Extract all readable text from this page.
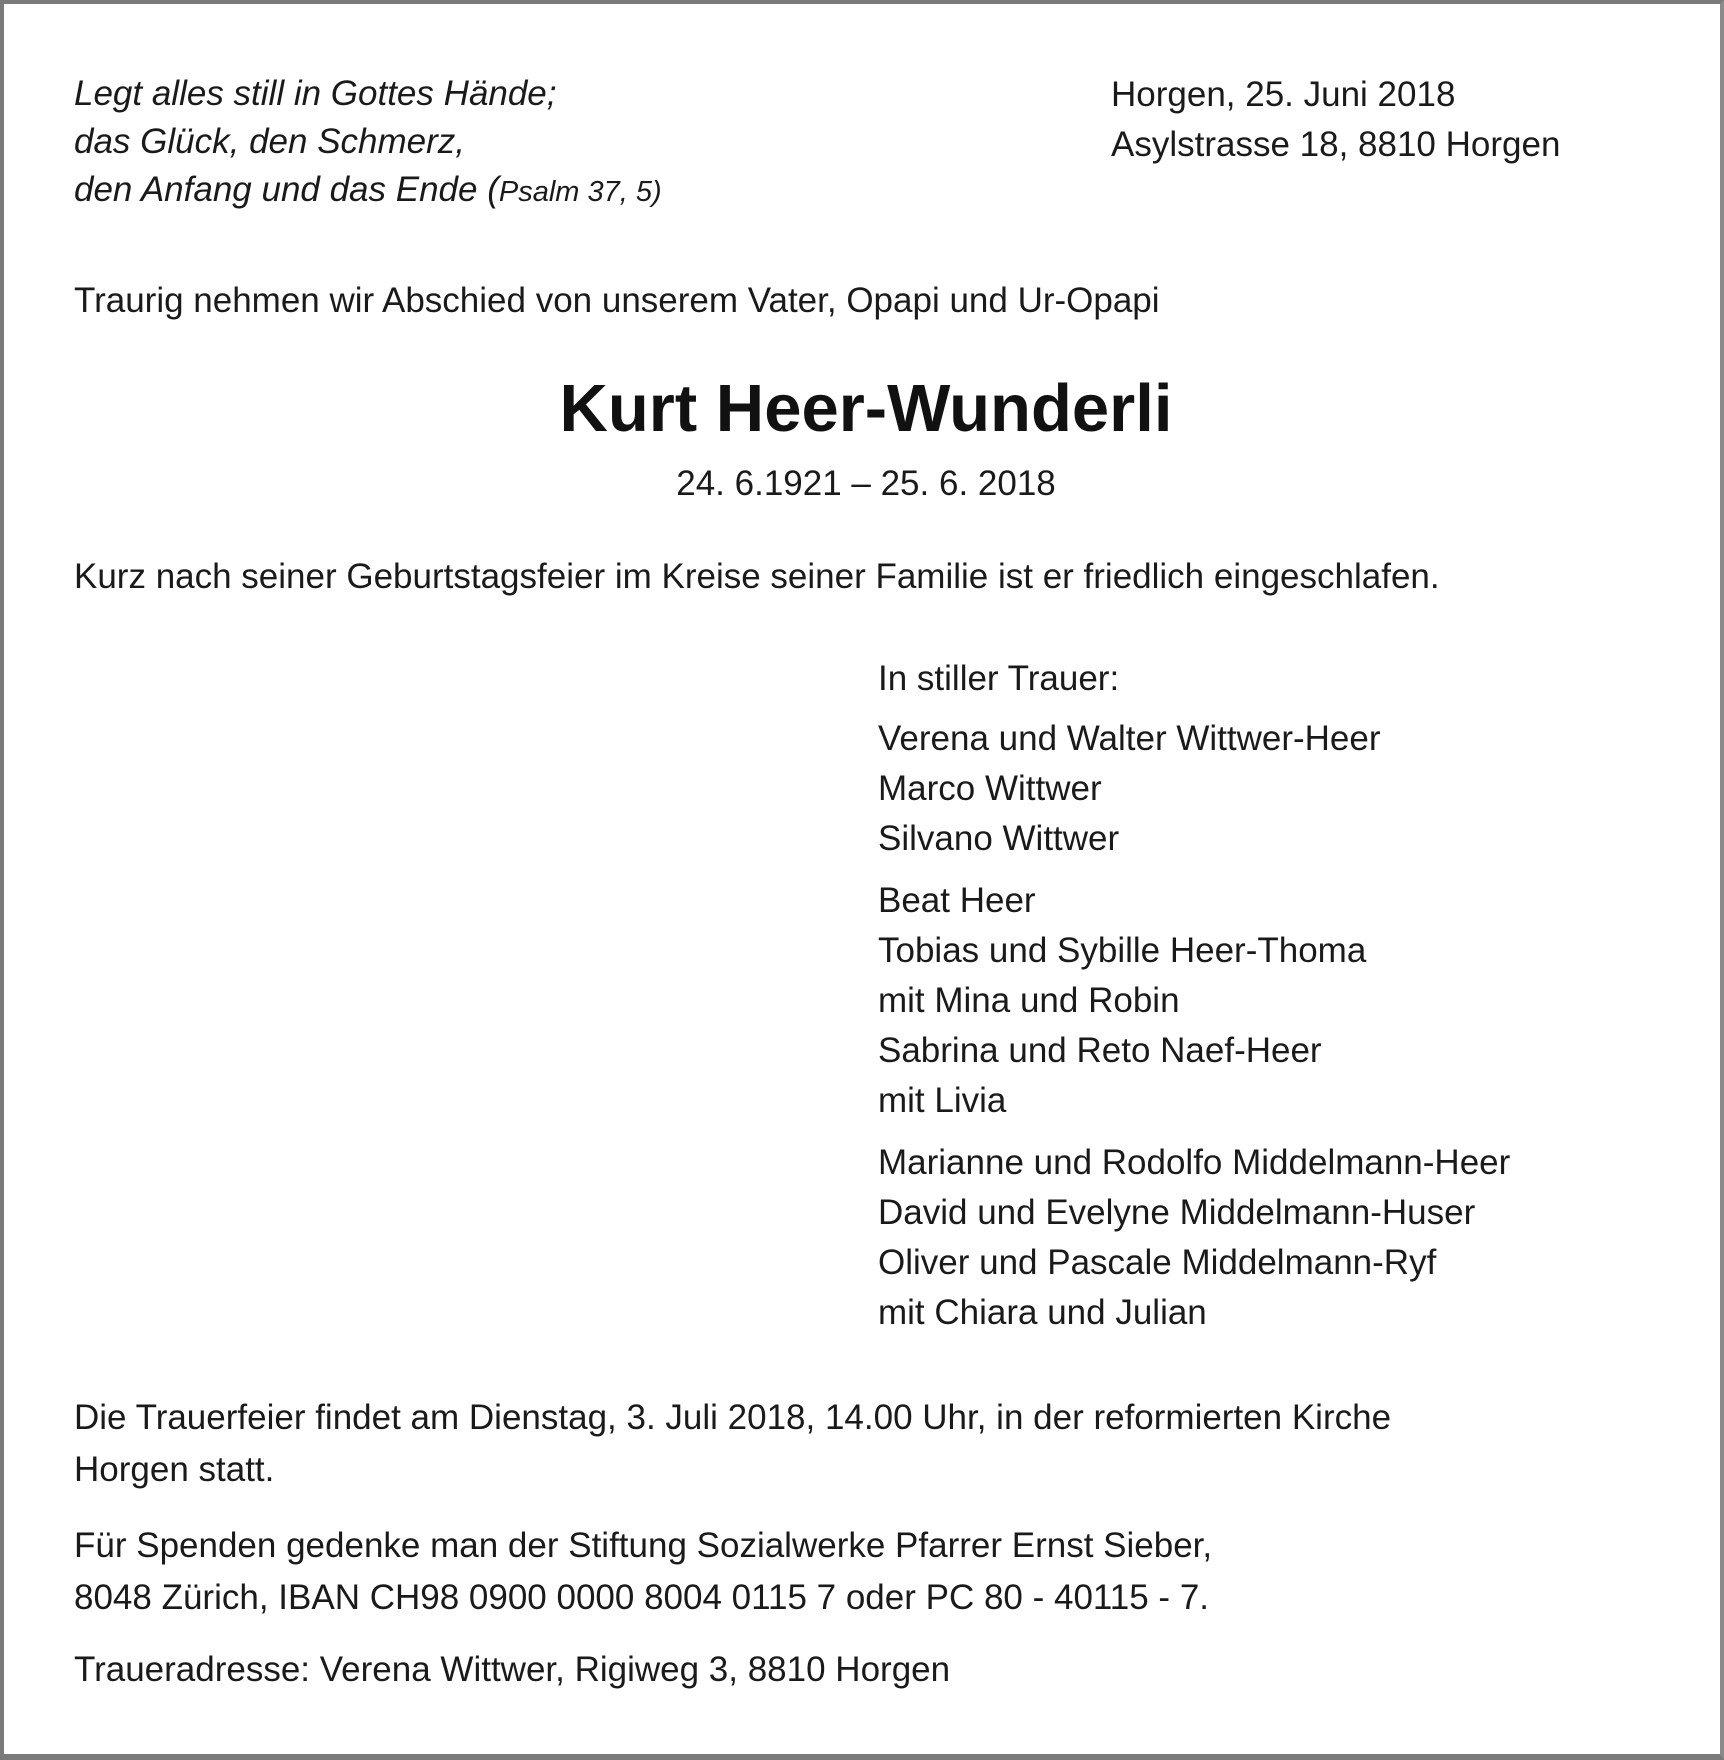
Legt alles still in Gottes Hände;
das Glück, den Schmerz,
den Anfang und das Ende (Psalm 37, 5)

Horgen, 25. Juni 2018
Asylstrasse 18, 8810 Horgen

Traurig nehmen wir Abschied von unserem Vater, Opapi und Ur-Opapi

Kurt Heer-Wunderli

24. 6.1921 – 25. 6. 2018

Kurz nach seiner Geburtstagsfeier im Kreise seiner Familie ist er friedlich eingeschlafen.

In stiller Trauer:
Verena und Walter Wittwer-Heer
Marco Wittwer
Silvano Wittwer
Beat Heer
Tobias und Sybille Heer-Thoma
mit Mina und Robin
Sabrina und Reto Naef-Heer
mit Livia
Marianne und Rodolfo Middelmann-Heer
David und Evelyne Middelmann-Huser
Oliver und Pascale Middelmann-Ryf
mit Chiara und Julian

Die Trauerfeier findet am Dienstag, 3. Juli 2018, 14.00 Uhr, in der reformierten Kirche
Horgen statt.

Für Spenden gedenke man der Stiftung Sozialwerke Pfarrer Ernst Sieber,
8048 Zürich, IBAN CH98 0900 0000 8004 0115 7 oder PC 80 - 40115 - 7.

Traueradresse: Verena Wittwer, Rigiweg 3, 8810 Horgen
